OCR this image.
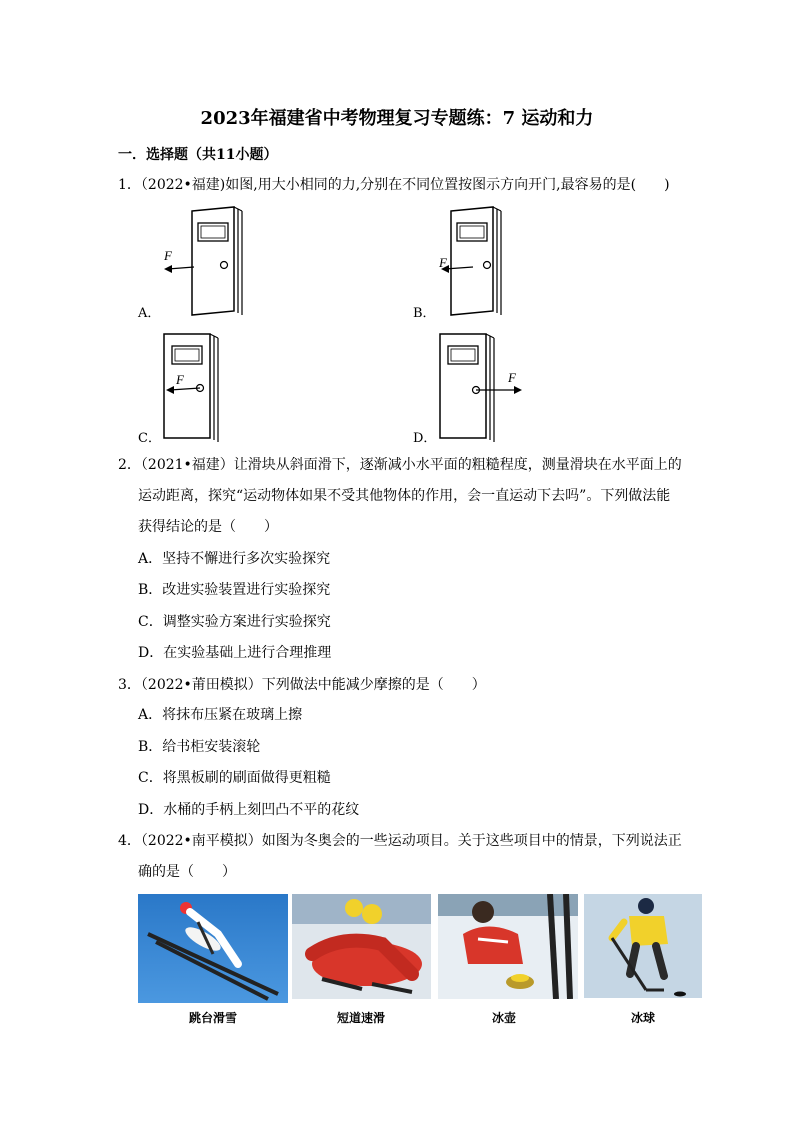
2023年福建省中考物理复习专题练：7 运动和力
一．选择题（共11小题）
1．（2022•福建)如图,用大小相同的力,分别在不同位置按图示方向开门,最容易的是(　　)
F
A．
F
B．
F
C．
F
D．
2．（2021•福建）让滑块从斜面滑下，逐渐减小水平面的粗糙程度，测量滑块在水平面上的
运动距离，探究“运动物体如果不受其他物体的作用，会一直运动下去吗”。下列做法能
获得结论的是（　　）
A．坚持不懈进行多次实验探究
B．改进实验装置进行实验探究
C．调整实验方案进行实验探究
D．在实验基础上进行合理推理
3．（2022•莆田模拟）下列做法中能减少摩擦的是（　　）
A．将抹布压紧在玻璃上擦
B．给书柜安装滚轮
C．将黑板刷的刷面做得更粗糙
D．水桶的手柄上刻凹凸不平的花纹
4．（2022•南平模拟）如图为冬奥会的一些运动项目。关于这些项目中的情景，下列说法正
确的是（　　）
跳台滑雪	短道速滑	冰壶	冰球
